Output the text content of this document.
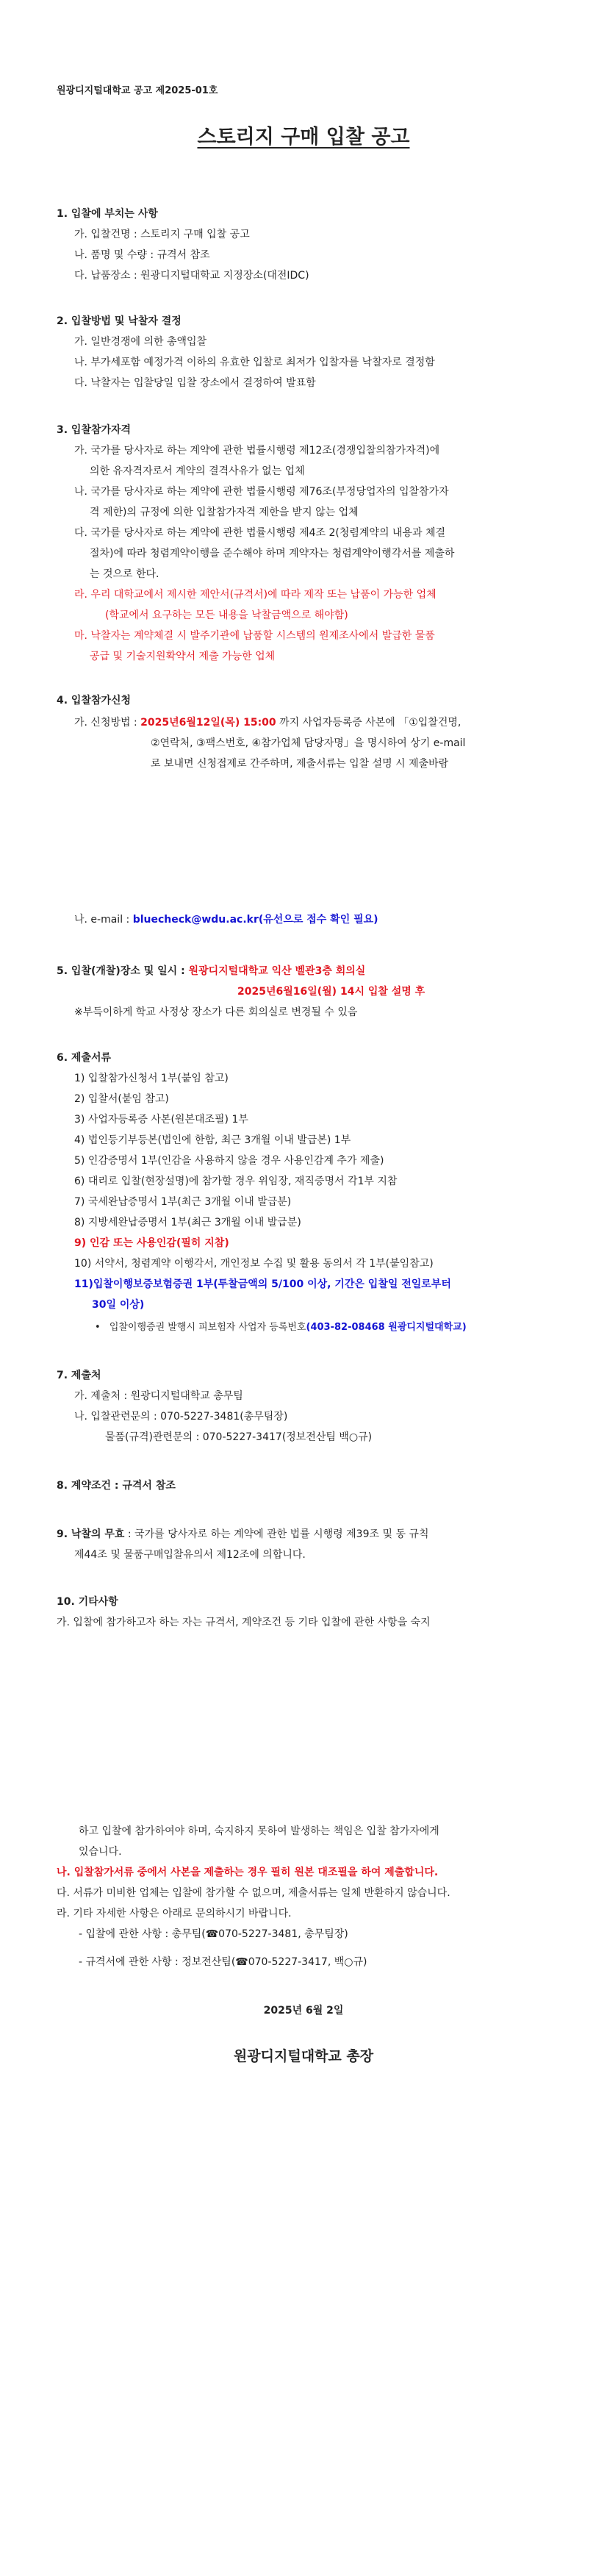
원광디지털대학교 공고 제2025-01호
스토리지 구매 입찰 공고
1. 입찰에 부치는 사항
가. 입찰건명 : 스토리지 구매 입찰 공고
나. 품명 및 수량 : 규격서 참조
다. 납품장소 : 원광디지털대학교 지정장소(대전IDC)
2. 입찰방법 및 낙찰자 결정
가. 일반경쟁에 의한 총액입찰
나. 부가세포함 예정가격 이하의 유효한 입찰로 최저가 입찰자를 낙찰자로 결정함
다. 낙찰자는 입찰당일 입찰 장소에서 결정하여 발표함
3. 입찰참가자격
가. 국가를 당사자로 하는 계약에 관한 법률시행령 제12조(경쟁입찰의참가자격)에
의한 유자격자로서 계약의 결격사유가 없는 업체
나. 국가를 당사자로 하는 계약에 관한 법률시행령 제76조(부정당업자의 입찰참가자
격 제한)의 규정에 의한 입찰참가자격 제한을 받지 않는 업체
다. 국가를 당사자로 하는 계약에 관한 법률시행령 제4조 2(청렴계약의 내용과 체결
절차)에 따라 청렴계약이행을 준수해야 하며 계약자는 청렴계약이행각서를 제출하
는 것으로 한다.
라. 우리 대학교에서 제시한 제안서(규격서)에 따라 제작 또는 납품이 가능한 업체
(학교에서 요구하는 모든 내용을 낙찰금액으로 해야함)
마. 낙찰자는 계약체결 시 발주기관에 납품할 시스템의 원제조사에서 발급한 물품
공급 및 기술지원확약서 제출 가능한 업체
4. 입찰참가신청
가. 신청방법 : 2025년6월12일(목) 15:00 까지 사업자등록증 사본에 「①입찰건명,
②연락처, ③팩스번호, ④참가업체 담당자명」을 명시하여 상기 e-mail
로 보내면 신청접제로 간주하며, 제출서류는 입찰 설명 시 제출바람
나. e-mail : bluecheck@wdu.ac.kr(유선으로 접수 확인 필요)
5. 입찰(개찰)장소 및 일시 : 원광디지털대학교 익산 벨관3층 회의실
2025년6월16일(월) 14시 입찰 설명 후
※부득이하게 학교 사정상 장소가 다른 회의실로 변경될 수 있음
6. 제출서류
1) 입찰참가신청서 1부(붙임 참고)
2) 입찰서(붙임 참고)
3) 사업자등록증 사본(원본대조필) 1부
4) 법인등기부등본(법인에 한함, 최근 3개월 이내 발급본) 1부
5) 인감증명서 1부(인감을 사용하지 않을 경우 사용인감계 추가 제출)
6) 대리로 입찰(현장설명)에 참가할 경우 위임장, 재직증명서 각1부 지참
7) 국세완납증명서 1부(최근 3개월 이내 발급분)
8) 지방세완납증명서 1부(최근 3개월 이내 발급분)
9) 인감 또는 사용인감(필히 지참)
10) 서약서, 청렴계약 이행각서, 개인정보 수집 및 활용 동의서 각 1부(붙임참고)
11)입찰이행보증보험증권 1부(투찰금액의 5/100 이상, 기간은 입찰일 전일로부터
30일 이상)
• 입찰이행증권 발행시 피보험자 사업자 등록번호(403-82-08468 원광디지털대학교)
7. 제출처
가. 제출처 : 원광디지털대학교 총무팀
나. 입찰관련문의 : 070-5227-3481(총무팀장)
물품(규격)관련문의 : 070-5227-3417(정보전산팀 백○규)
8. 계약조건 : 규격서 참조
9. 낙찰의 무효 : 국가를 당사자로 하는 계약에 관한 법률 시행령 제39조 및 동 규칙
제44조 및 물품구매입찰유의서 제12조에 의합니다.
10. 기타사항
가. 입찰에 참가하고자 하는 자는 규격서, 계약조건 등 기타 입찰에 관한 사항을 숙지
하고 입찰에 참가하여야 하며, 숙지하지 못하여 발생하는 책임은 입찰 참가자에게
있습니다.
나. 입찰참가서류 중에서 사본을 제출하는 경우 필히 원본 대조필을 하여 제출합니다.
다. 서류가 미비한 업체는 입찰에 참가할 수 없으며, 제출서류는 일체 반환하지 않습니다.
라. 기타 자세한 사항은 아래로 문의하시기 바랍니다.
- 입찰에 관한 사항 : 총무팀(☎070-5227-3481, 총무팀장)
- 규격서에 관한 사항 : 정보전산팀(☎070-5227-3417, 백○규)
2025년 6월 2일
원광디지털대학교 총장
